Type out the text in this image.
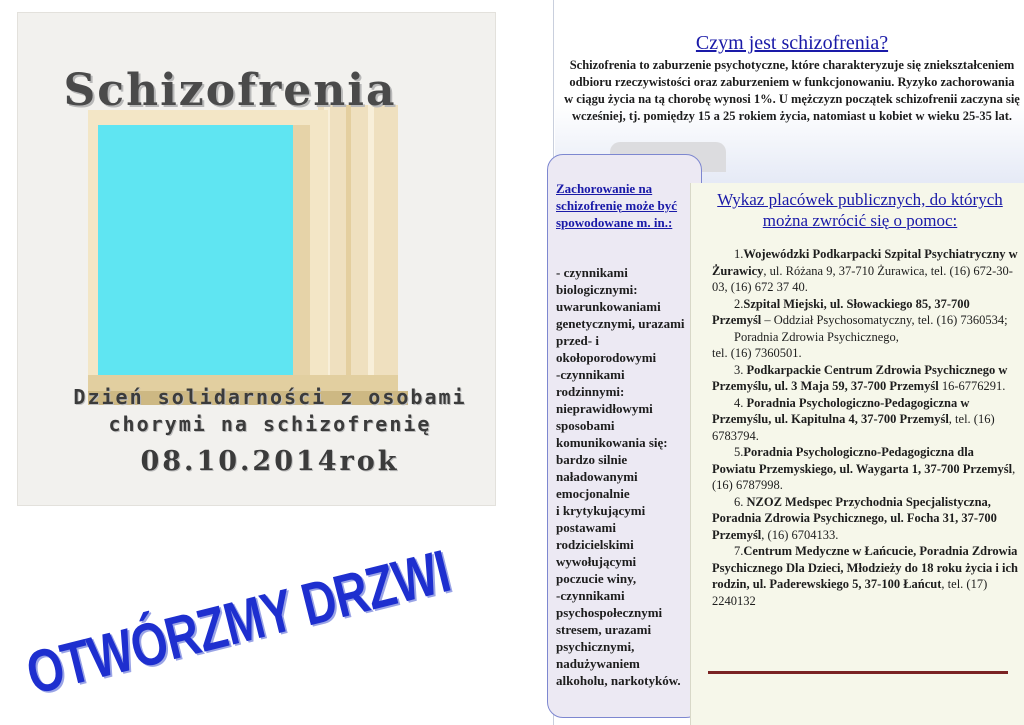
Schizofrenia
Dzień solidarności z osobami
chorymi na schizofrenię
08.10.2014rok
OTWÓRZMY DRZWI
Czym jest schizofrenia?
Schizofrenia to zaburzenie psychotyczne, które charakteryzuje się zniekształceniem odbioru rzeczywistości oraz zaburzeniem w funkcjonowaniu. Ryzyko zachorowania w ciągu życia na tą chorobę wynosi 1%. U mężczyzn początek schizofrenii zaczyna się wcześniej, tj. pomiędzy 15 a 25 rokiem życia, natomiast u kobiet w wieku 25-35 lat.
Zachorowanie na schizofrenię może być spowodowane m. in.:
- czynnikami biologicznymi: uwarunkowaniami genetycznymi, urazami przed- i okołoporodowymi
-czynnikami rodzinnymi: nieprawidłowymi sposobami komunikowania się: bardzo silnie naładowanymi emocjonalnie
i krytykującymi postawami rodzicielskimi wywołującymi poczucie winy,
-czynnikami psychospołecznymi stresem, urazami psychicznymi, nadużywaniem alkoholu, narkotyków.
Wykaz placówek publicznych, do których można zwrócić się o pomoc:

1.Wojewódzki Podkarpacki Szpital Psychiatryczny w Żurawicy, ul. Różana 9, 37-710 Żurawica, tel. (16) 672-30-03, (16) 672 37 40.

2.Szpital Miejski, ul. Słowackiego 85, 37-700 Przemyśl – Oddział Psychosomatyczny, tel. (16) 7360534;
Poradnia Zdrowia Psychicznego,
tel. (16) 7360501.

3. Podkarpackie Centrum Zdrowia Psychicznego w Przemyślu, ul. 3 Maja 59, 37-700 Przemyśl 16-6776291.

4. Poradnia Psychologiczno-Pedagogiczna w Przemyślu, ul. Kapitulna 4, 37-700 Przemyśl, tel. (16) 6783794.

5.Poradnia Psychologiczno-Pedagogiczna dla Powiatu Przemyskiego, ul. Waygarta 1, 37-700 Przemyśl, (16) 6787998.

6. NZOZ Medspec Przychodnia Specjalistyczna, Poradnia Zdrowia Psychicznego, ul. Focha 31, 37-700 Przemyśl, (16) 6704133.

7.Centrum Medyczne w Łańcucie, Poradnia Zdrowia Psychicznego Dla Dzieci, Młodzieży do 18 roku życia i ich rodzin, ul. Paderewskiego 5, 37-100 Łańcut, tel. (17) 2240132
